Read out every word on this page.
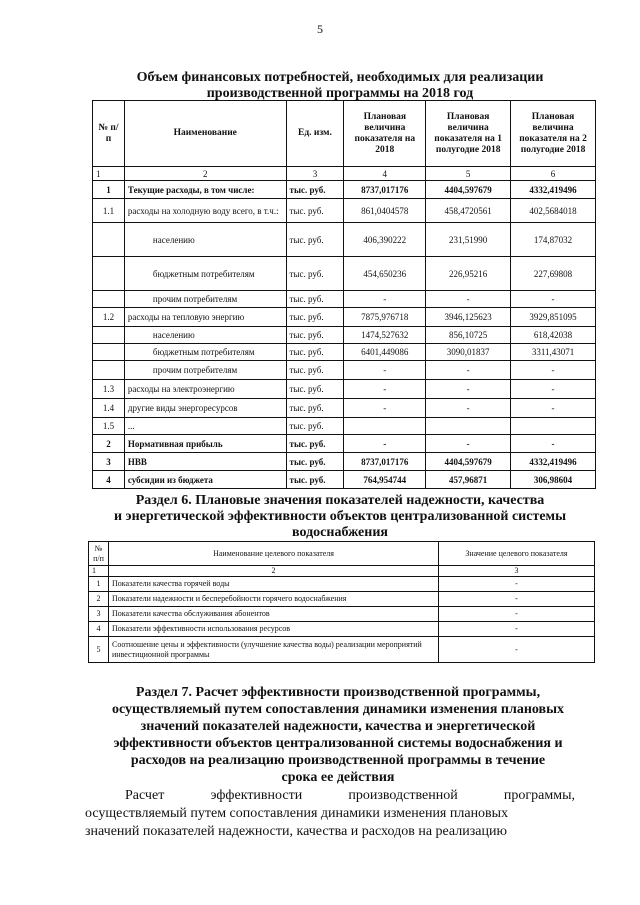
5
Объем финансовых потребностей, необходимых для реализации
производственной программы на 2018 год
№ п/п	Наименование	Ед. изм.	Плановая величина показателя на 2018	Плановая величина показателя на 1 полугодие 2018	Плановая величина показателя на 2 полугодие 2018
1	2	3	4	5	6
1	Текущие расходы, в том числе:	тыс. руб.	8737,017176	4404,597679	4332,419496
1.1	расходы на холодную воду всего, в т.ч.:	тыс. руб.	861,0404578	458,4720561	402,5684018
	населению	тыс. руб.	406,390222	231,51990	174,87032
	бюджетным потребителям	тыс. руб.	454,650236	226,95216	227,69808
	прочим потребителям	тыс. руб.	-	-	-
1.2	расходы на тепловую энергию	тыс. руб.	7875,976718	3946,125623	3929,851095
	населению	тыс. руб.	1474,527632	856,10725	618,42038
	бюджетным потребителям	тыс. руб.	6401,449086	3090,01837	3311,43071
	прочим потребителям	тыс. руб.	-	-	-
1.3	расходы на электроэнергию	тыс. руб.	-	-	-
1.4	другие виды энергоресурсов	тыс. руб.	-	-	-
1.5	...	тыс. руб.			
2	Нормативная прибыль	тыс. руб.	-	-	-
3	НВВ	тыс. руб.	8737,017176	4404,597679	4332,419496
4	субсидии из бюджета	тыс. руб.	764,954744	457,96871	306,98604
Раздел 6. Плановые значения показателей надежности, качества
и энергетической эффективности объектов централизованной системы
водоснабжения
№ п/п	Наименование целевого показателя	Значение целевого показателя
1	2	3
1	Показатели качества горячей воды	-
2	Показатели надежности и бесперебойности горячего водоснабжения	-
3	Показатели качества обслуживания абонентов	-
4	Показатели эффективности использования ресурсов	-
5	Соотношение цены и эффективности (улучшение качества воды) реализации мероприятий инвестиционной программы	-
Раздел 7. Расчет эффективности производственной программы,
осуществляемый путем сопоставления динамики изменения плановых
значений показателей надежности, качества и энергетической
эффективности объектов централизованной системы водоснабжения и
расходов на реализацию производственной программы в течение
срока ее действия
Расчет	эффективности	производственной	программы,
осуществляемый путем сопоставления динамики изменения плановых
значений показателей надежности, качества и расходов на реализацию
